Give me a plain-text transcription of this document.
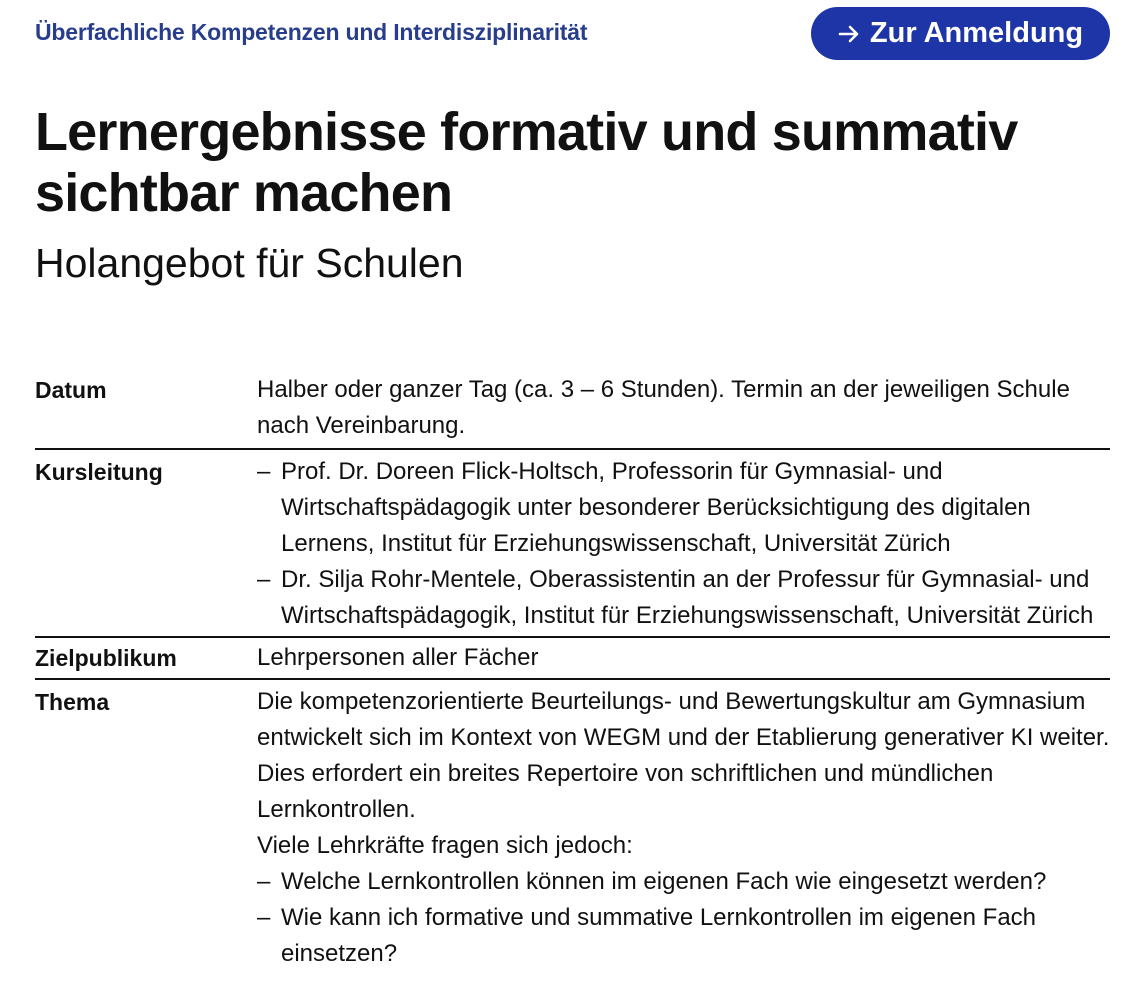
Überfachliche Kompetenzen und Interdisziplinarität	Zur Anmeldung
Lernergebnisse formativ und summativ sichtbar machen
Holangebot für Schulen
Datum	Halber oder ganzer Tag (ca. 3 – 6 Stunden). Termin an der jeweiligen Schule nach Vereinbarung.

Kursleitung
–	Prof. Dr. Doreen Flick-Holtsch, Professorin für Gymnasial- und Wirtschaftspädagogik unter besonderer Berücksichtigung des digitalen Lernens, Institut für Erziehungswissenschaft, Universität Zürich
– Dr. Silja Rohr-Mentele, Oberassistentin an der Professur für Gymnasial- und Wirtschaftspädagogik, Institut für Erziehungswissenschaft, Universität Zürich
Zielpublikum	Lehrpersonen aller Fächer

Thema	Die kompetenzorientierte Beurteilungs- und Bewertungskultur am Gymnasium entwickelt sich im Kontext von WEGM und der Etablierung generativer KI weiter. Dies erfordert ein breites Repertoire von schriftlichen und mündlichen Lernkontrollen.

Viele Lehrkräfte fragen sich jedoch:

– Welche Lernkontrollen können im eigenen Fach wie eingesetzt werden?
– Wie kann ich formative und summative Lernkontrollen im eigenen Fach einsetzen?
